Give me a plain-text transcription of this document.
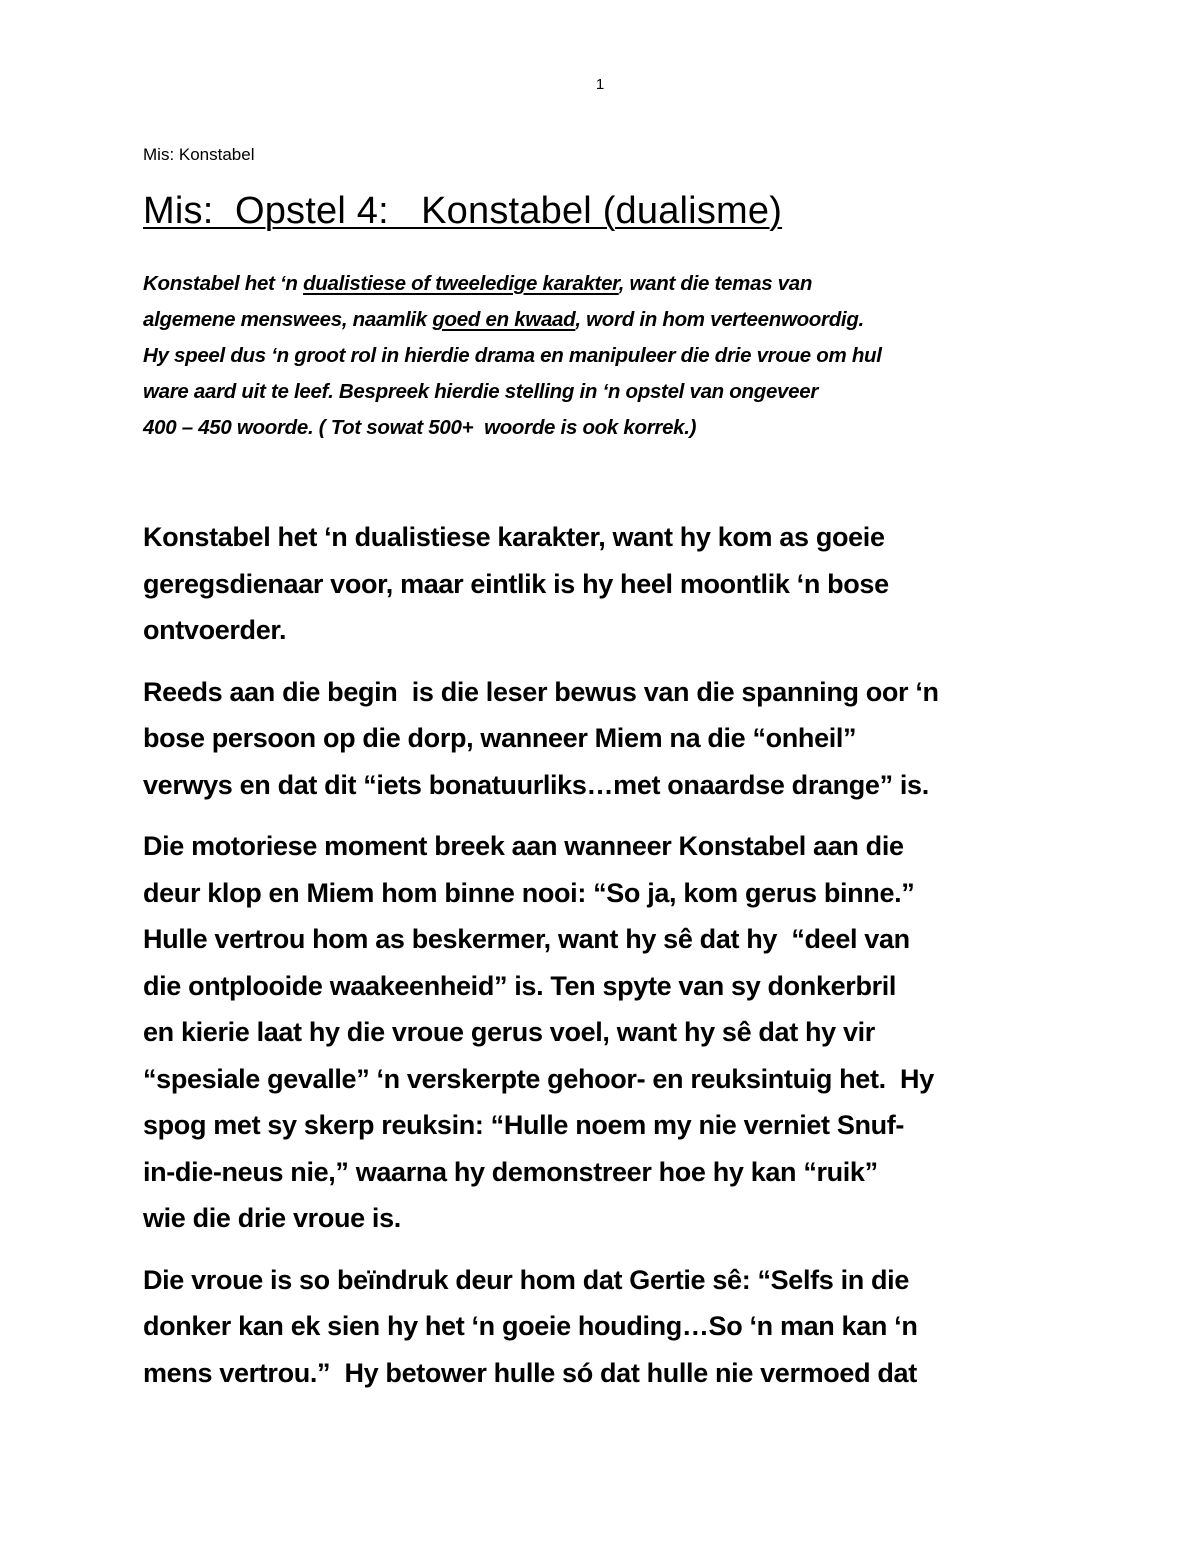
1
Mis: Konstabel
Mis:  Opstel 4:   Konstabel (dualisme)

Konstabel het ‘n dualistiese of tweeledige karakter, want die temas van
algemene menswees, naamlik goed en kwaad, word in hom verteenwoordig.
Hy speel dus ‘n groot rol in hierdie drama en manipuleer die drie vroue om hul
ware aard uit te leef. Bespreek hierdie stelling in ‘n opstel van ongeveer
400 – 450 woorde. ( Tot sowat 500+  woorde is ook korrek.)

Konstabel het ‘n dualistiese karakter, want hy kom as goeie
geregsdienaar voor, maar eintlik is hy heel moontlik ‘n bose
ontvoerder.

Reeds aan die begin  is die leser bewus van die spanning oor ‘n
bose persoon op die dorp, wanneer Miem na die “onheil”
verwys en dat dit “iets bonatuurliks…met onaardse drange” is.

Die motoriese moment breek aan wanneer Konstabel aan die
deur klop en Miem hom binne nooi: “So ja, kom gerus binne.”
Hulle vertrou hom as beskermer, want hy sê dat hy  “deel van
die ontplooide waakeenheid” is. Ten spyte van sy donkerbril
en kierie laat hy die vroue gerus voel, want hy sê dat hy vir
“spesiale gevalle” ‘n verskerpte gehoor- en reuksintuig het.  Hy
spog met sy skerp reuksin: “Hulle noem my nie verniet Snuf-
in-die-neus nie,” waarna hy demonstreer hoe hy kan “ruik”
wie die drie vroue is.

Die vroue is so beïndruk deur hom dat Gertie sê: “Selfs in die
donker kan ek sien hy het ‘n goeie houding…So ‘n man kan ‘n
mens vertrou.”  Hy betower hulle só dat hulle nie vermoed dat
